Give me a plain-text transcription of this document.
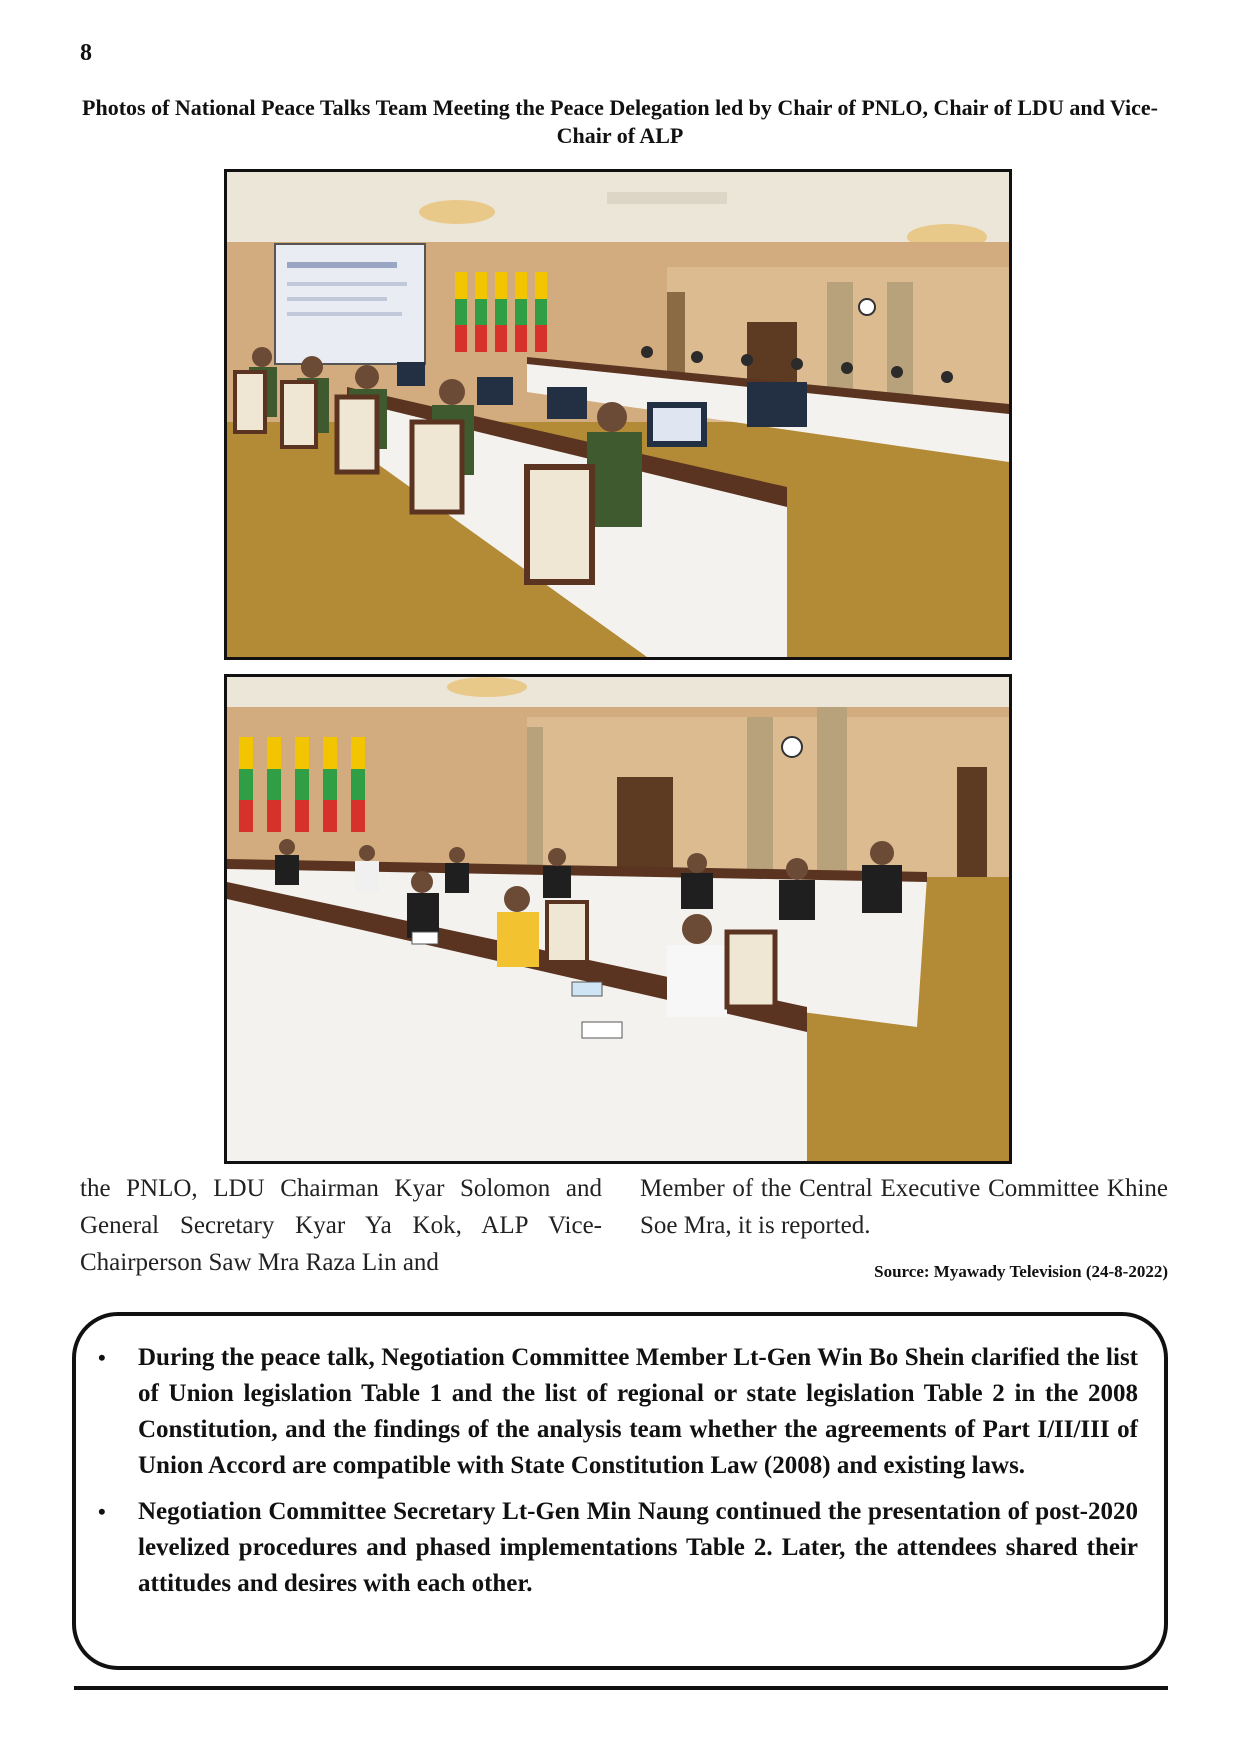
8
Photos of National Peace Talks Team Meeting the Peace Delegation led by Chair of PNLO, Chair of LDU and Vice-Chair of ALP
the PNLO, LDU Chairman Kyar Solomon and General Secretary Kyar Ya Kok, ALP Vice-Chairperson Saw Mra Raza Lin and
Member of the Central Executive Committee Khine Soe Mra, it is reported.
Source: Myawady Television (24-8-2022)
• During the peace talk, Negotiation Committee Member Lt-Gen Win Bo Shein clarified the list of Union legislation Table 1 and the list of regional or state legislation Table 2 in the 2008 Constitution, and the findings of the analysis team whether the agreements of Part I/II/III of Union Accord are compatible with State Constitution Law (2008) and existing laws.
• Negotiation Committee Secretary Lt-Gen Min Naung continued the presentation of post-2020 levelized procedures and phased implementations Table 2. Later, the attendees shared their attitudes and desires with each other.
